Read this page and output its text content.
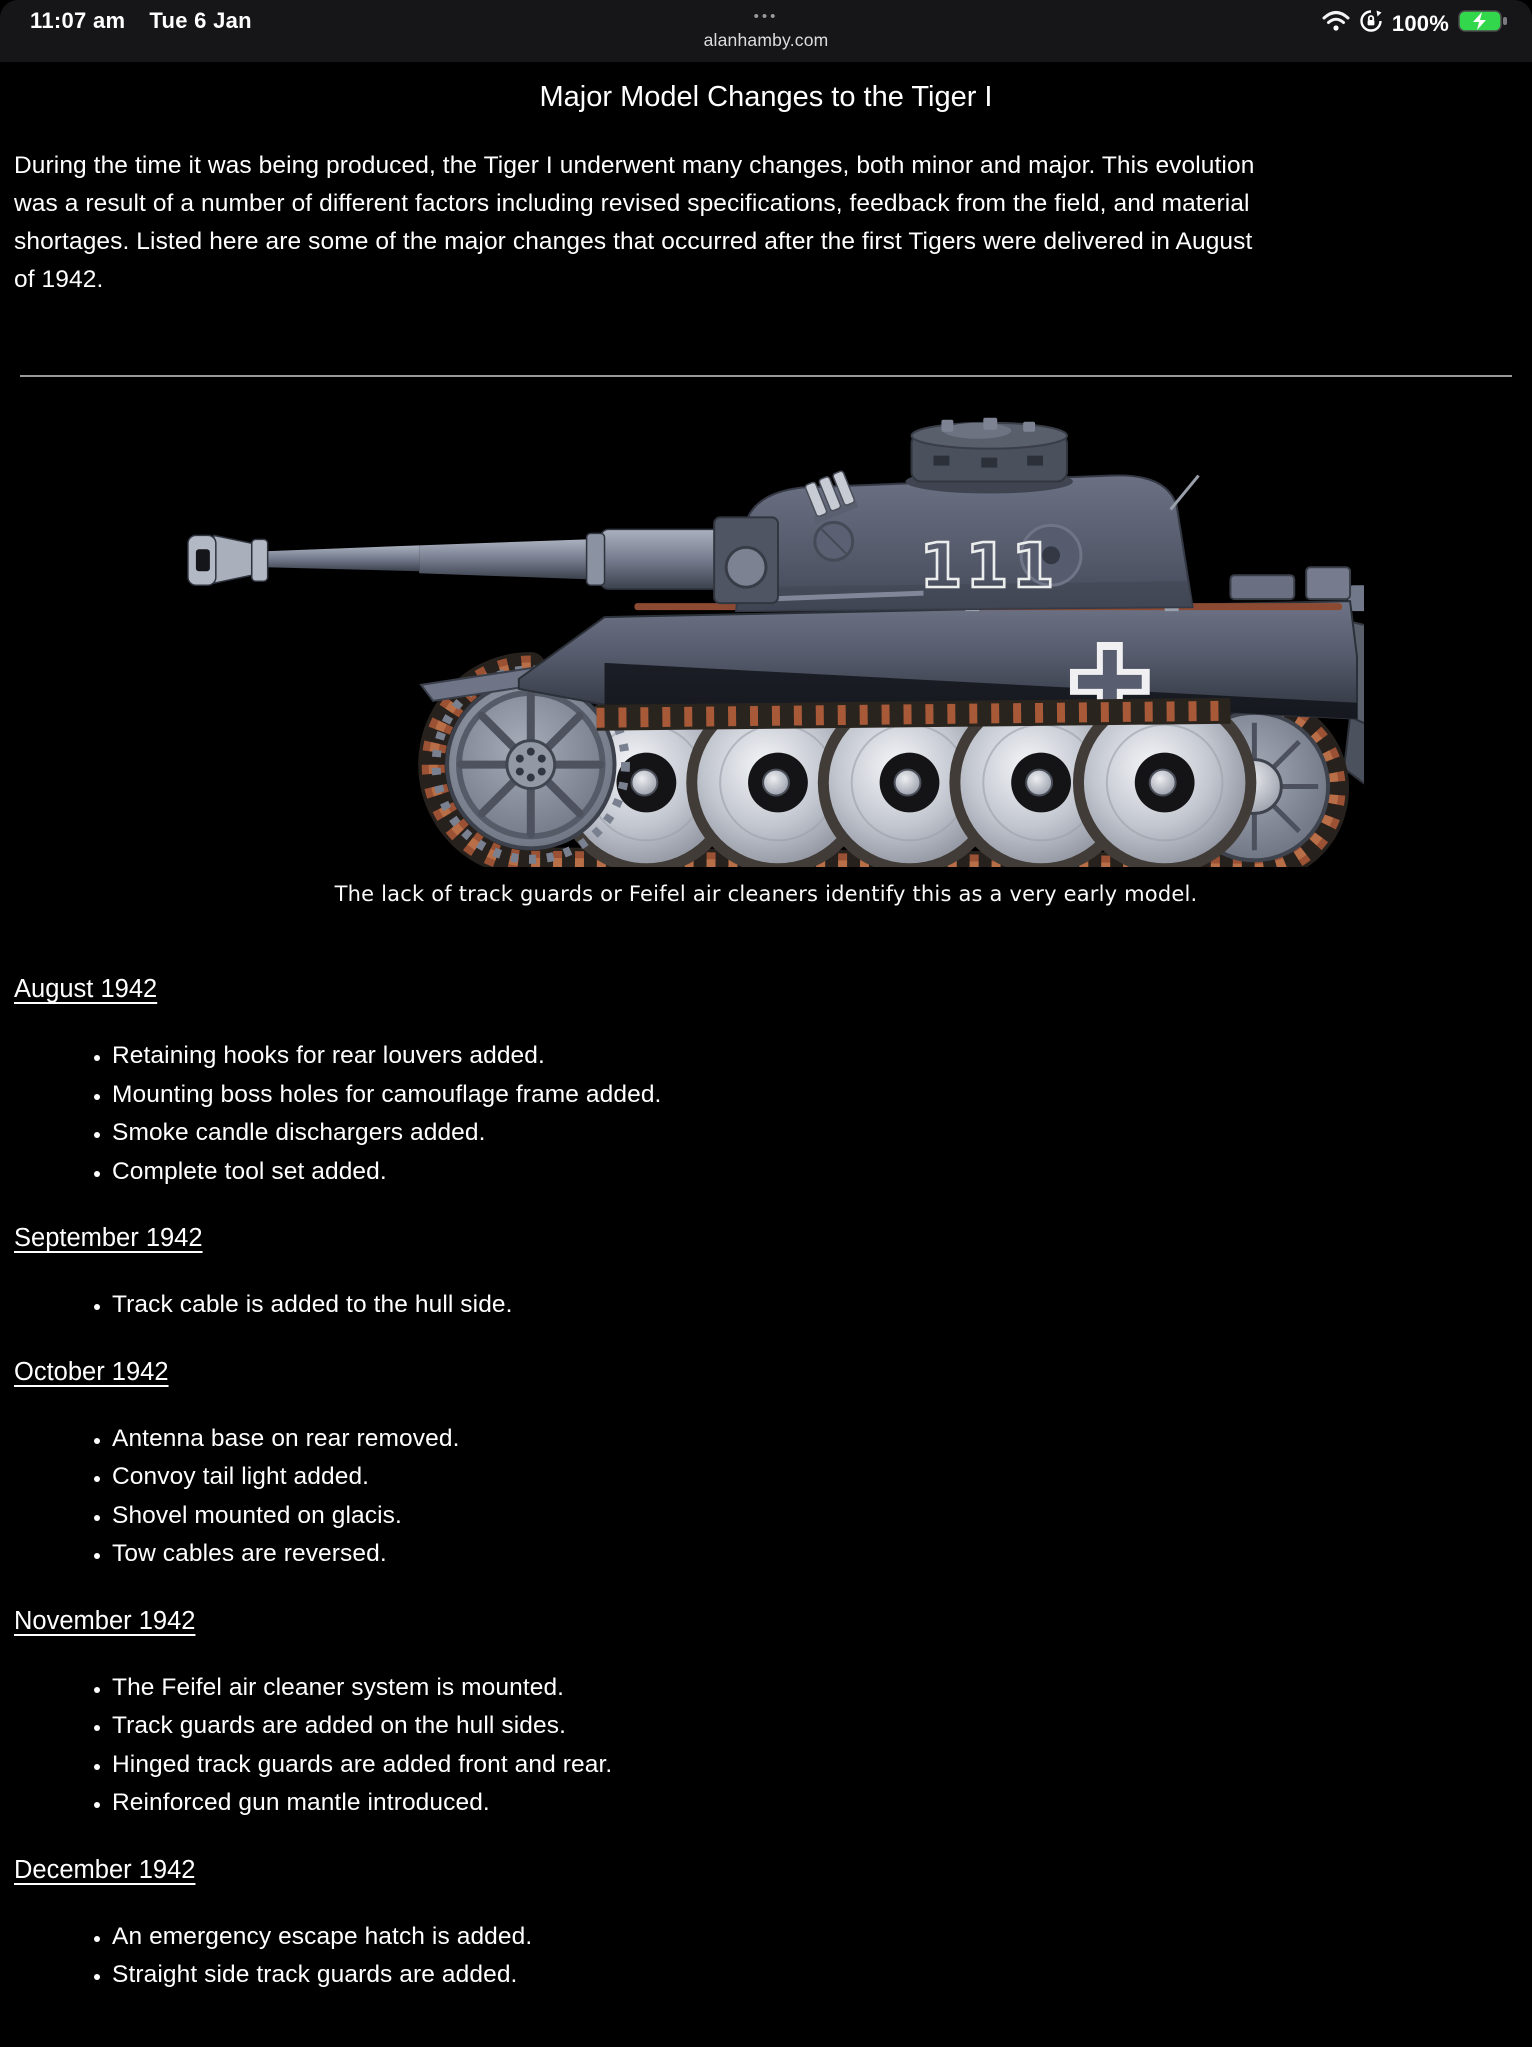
11:07 am Tue 6 Jan	•••
alanhamby.com
100%
Major Model Changes to the Tiger I
During the time it was being produced, the Tiger I underwent many changes, both minor and major. This evolution
was a result of a number of different factors including revised specifications, feedback from the field, and material
shortages. Listed here are some of the major changes that occurred after the first Tigers were delivered in August
of 1942.
111
The lack of track guards or Feifel air cleaners identify this as a very early model.
August 1942
• Retaining hooks for rear louvers added.
• Mounting boss holes for camouflage frame added.
• Smoke candle dischargers added.
• Complete tool set added.
September 1942
• Track cable is added to the hull side.
October 1942
• Antenna base on rear removed.
• Convoy tail light added.
• Shovel mounted on glacis.
• Tow cables are reversed.
November 1942
• The Feifel air cleaner system is mounted.
• Track guards are added on the hull sides.
• Hinged track guards are added front and rear.
• Reinforced gun mantle introduced.
December 1942
• An emergency escape hatch is added.
• Straight side track guards are added.
